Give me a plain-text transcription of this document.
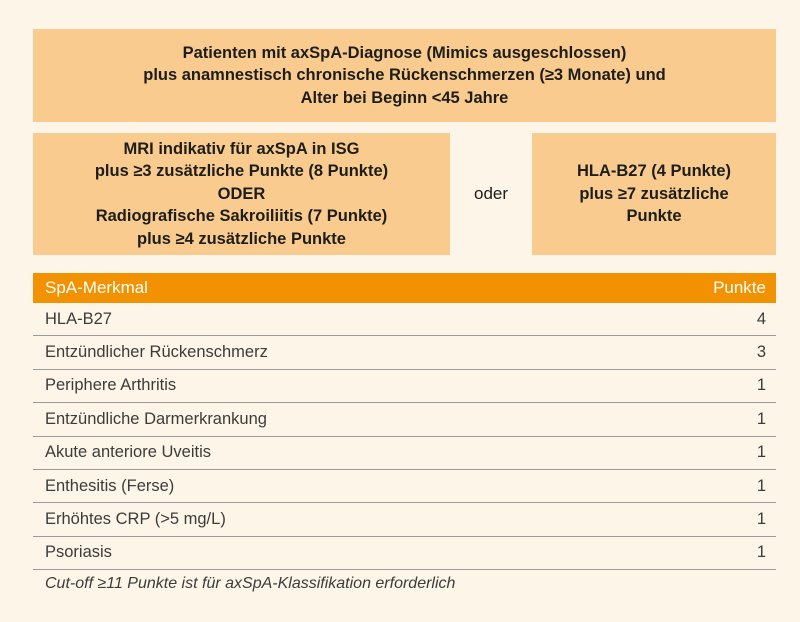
Patienten mit axSpA-Diagnose (Mimics ausgeschlossen)
plus anamnestisch chronische Rückenschmerzen (≥3 Monate) und
Alter bei Beginn <45 Jahre
MRI indikativ für axSpA in ISG
plus ≥3 zusätzliche Punkte (8 Punkte)
ODER
Radiografische Sakroiliitis (7 Punkte)
plus ≥4 zusätzliche Punkte
oder
HLA-B27 (4 Punkte)
plus ≥7 zusätzliche
Punkte
SpA-Merkmal	Punkte
HLA-B27	4
Entzündlicher Rückenschmerz	3
Periphere Arthritis	1
Entzündliche Darmerkrankung	1
Akute anteriore Uveitis	1
Enthesitis (Ferse)	1
Erhöhtes CRP (>5 mg/L)	1
Psoriasis	1
Cut-off ≥11 Punkte ist für axSpA-Klassifikation erforderlich
